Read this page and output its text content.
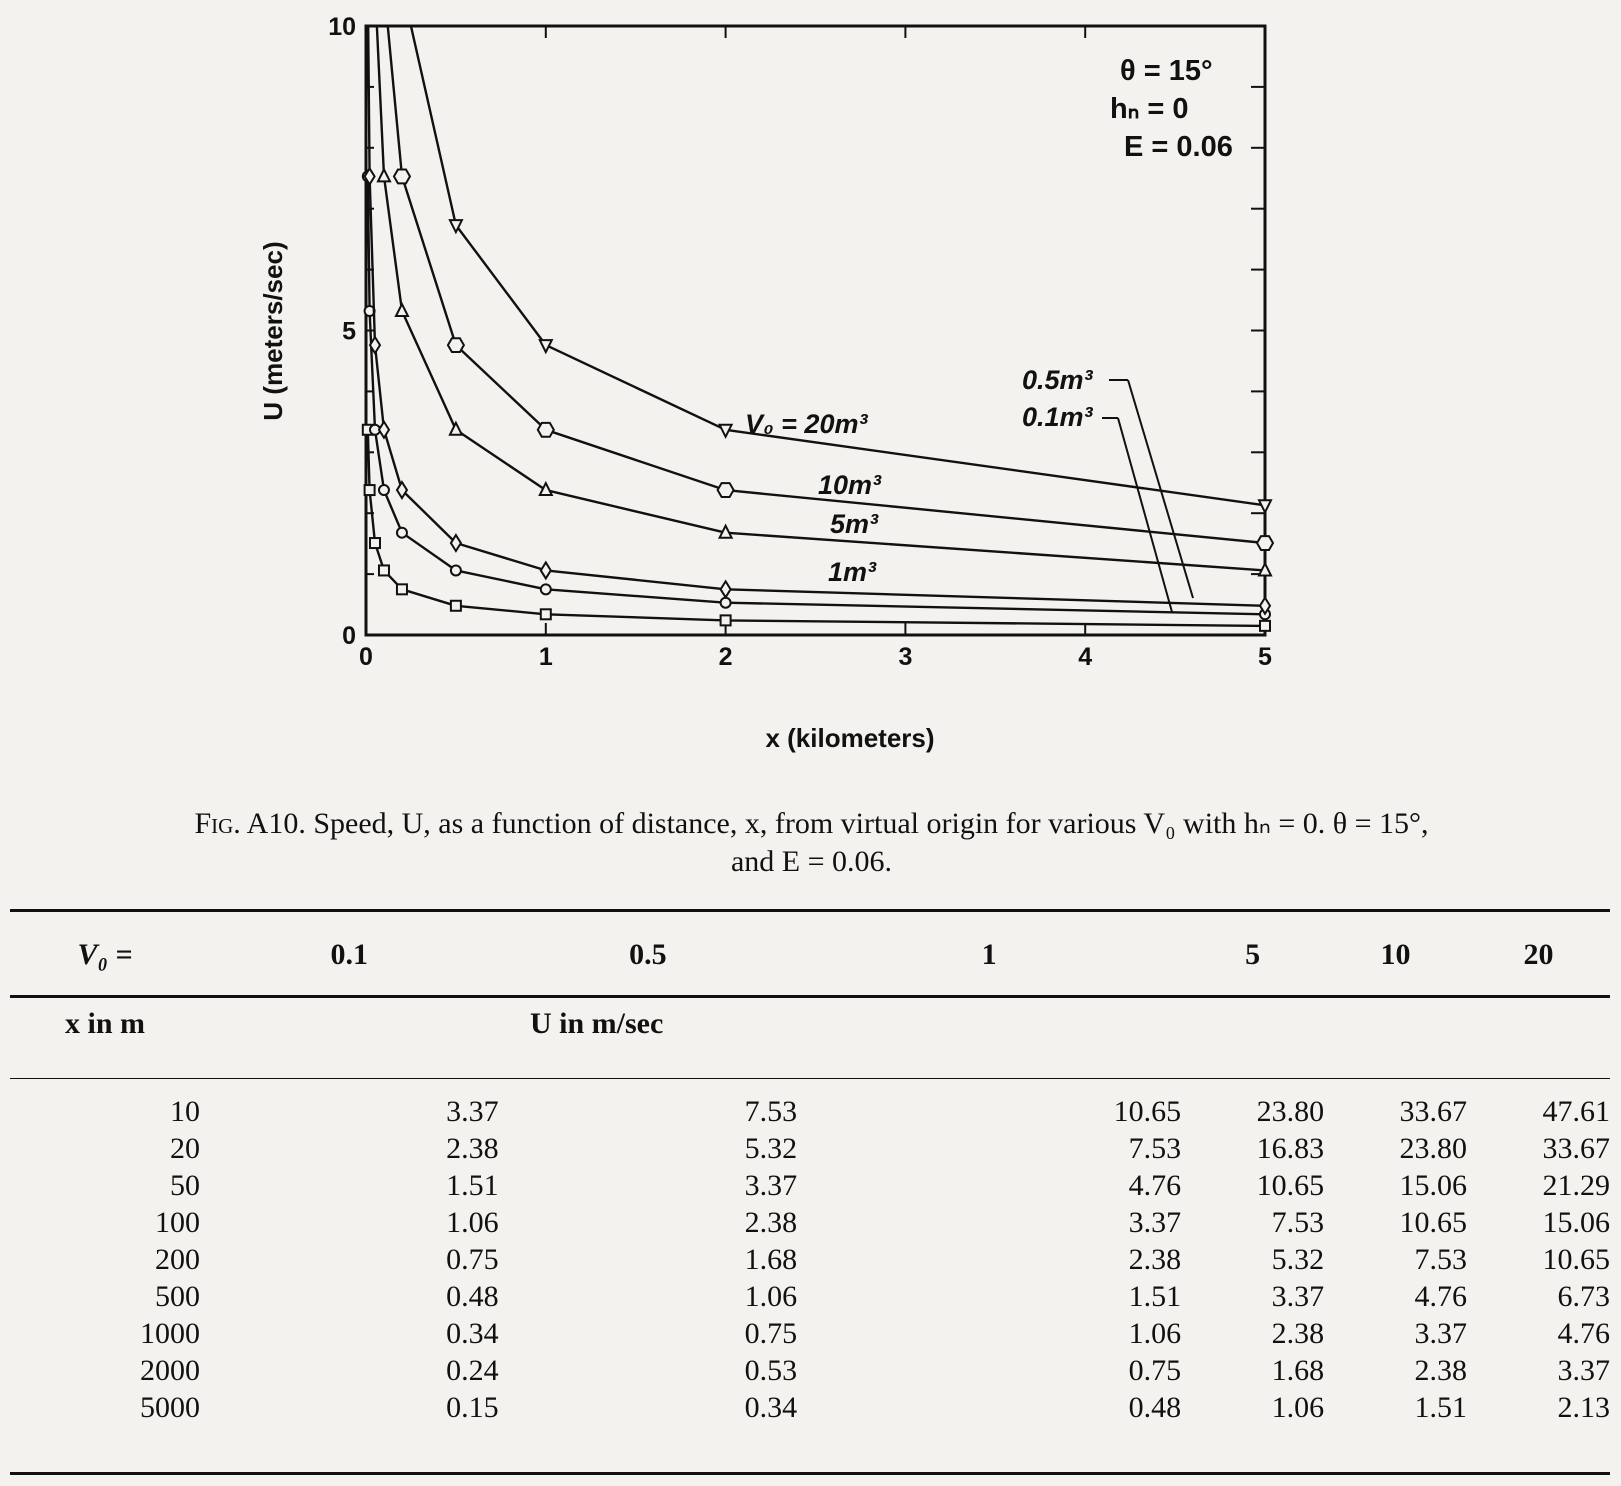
0.1m³
0.5m³
1m³
5m³
10m³
V₀ = 20m³
0	1	2	3	4	5
0
5
10
x (kilometers)
U (meters/sec)
θ = 15°
hₙ = 0
E = 0.06
Fig. A10. Speed, U, as a function of distance, x, from virtual origin for various V₀ with hₙ = 0. θ = 15°,
and E = 0.06.
V₀ =	0.1	0.5	1	5	10	20
x in m	U in m/sec					

10	3.37	7.53	10.65	23.80	33.67	47.61
20	2.38	5.32	7.53	16.83	23.80	33.67
50	1.51	3.37	4.76	10.65	15.06	21.29
100	1.06	2.38	3.37	7.53	10.65	15.06
200	0.75	1.68	2.38	5.32	7.53	10.65
500	0.48	1.06	1.51	3.37	4.76	6.73
1000	0.34	0.75	1.06	2.38	3.37	4.76
2000	0.24	0.53	0.75	1.68	2.38	3.37
5000	0.15	0.34	0.48	1.06	1.51	2.13
